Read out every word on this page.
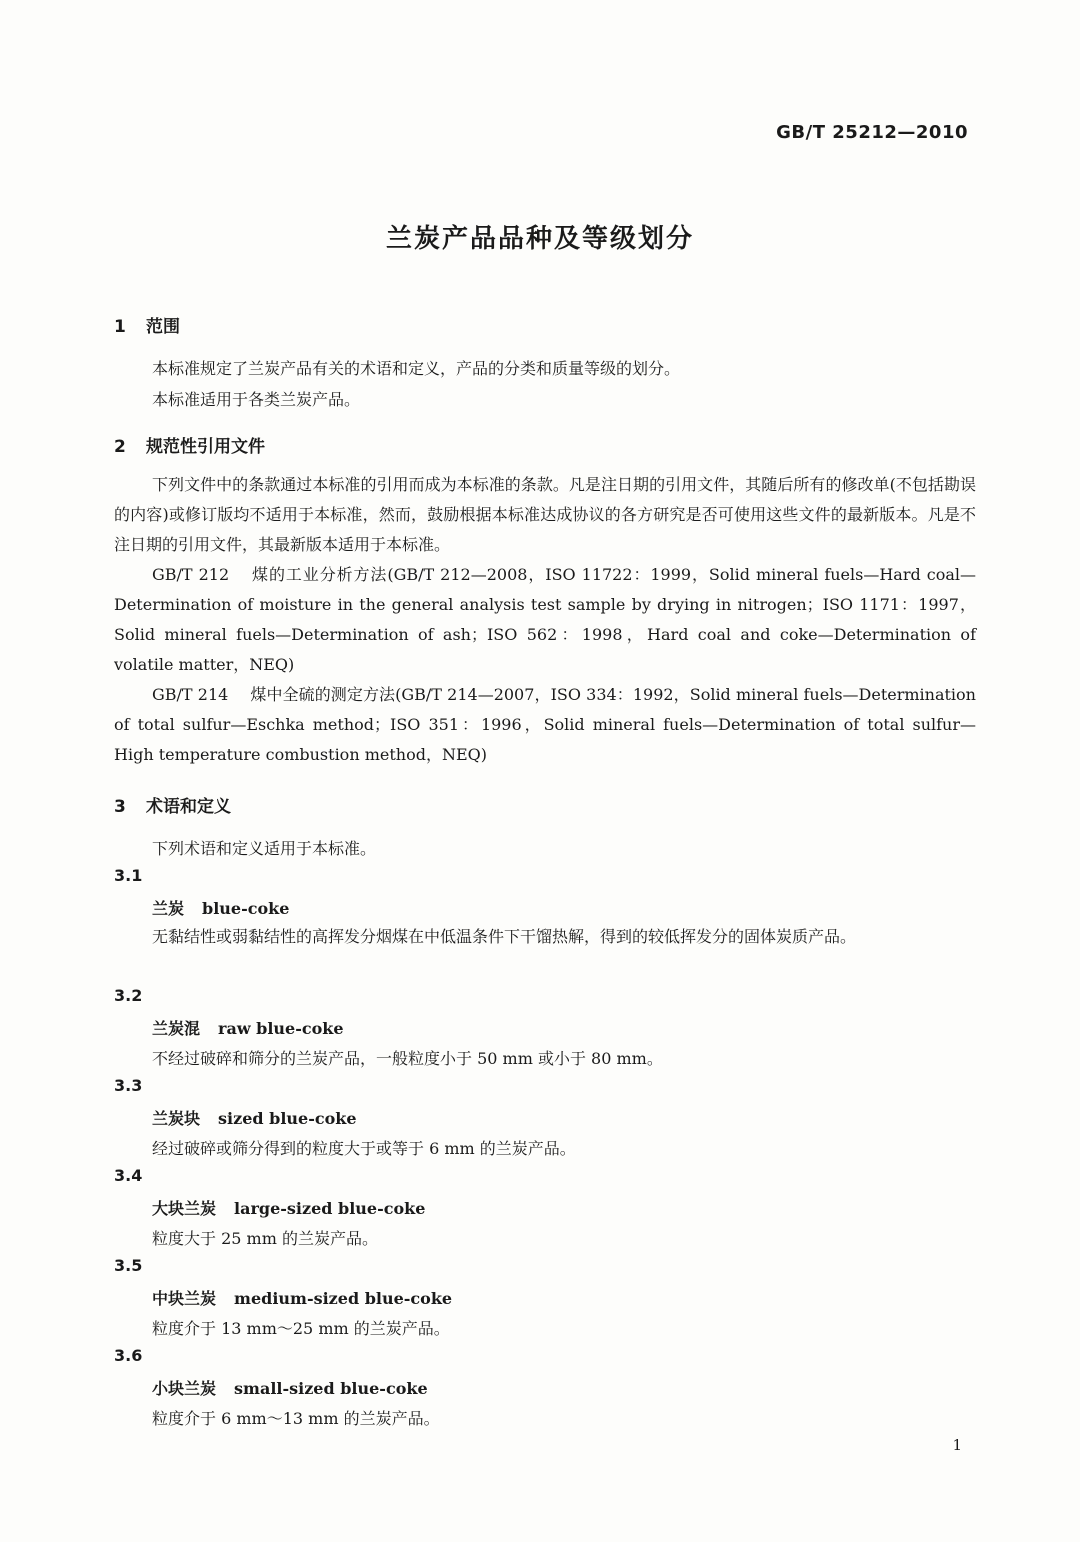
GB/T 25212—2010
兰炭产品品种及等级划分
1 范围
本标准规定了兰炭产品有关的术语和定义，产品的分类和质量等级的划分。
本标准适用于各类兰炭产品。
2 规范性引用文件
下列文件中的条款通过本标准的引用而成为本标准的条款。凡是注日期的引用文件，其随后所有的修改单(不包括勘误的内容)或修订版均不适用于本标准，然而，鼓励根据本标准达成协议的各方研究是否可使用这些文件的最新版本。凡是不注日期的引用文件，其最新版本适用于本标准。
GB/T 212 煤的工业分析方法(GB/T 212—2008，ISO 11722：1999，Solid mineral fuels—Hard coal—Determination of moisture in the general analysis test sample by drying in nitrogen；ISO 1171：1997，Solid mineral fuels—Determination of ash；ISO 562：1998，Hard coal and coke—Determination of volatile matter，NEQ)
GB/T 214 煤中全硫的测定方法(GB/T 214—2007，ISO 334：1992，Solid mineral fuels—Determination of total sulfur—Eschka method；ISO 351：1996，Solid mineral fuels—Determination of total sulfur—High temperature combustion method，NEQ)
3 术语和定义
下列术语和定义适用于本标准。
3.1
兰炭 blue-coke
无黏结性或弱黏结性的高挥发分烟煤在中低温条件下干馏热解，得到的较低挥发分的固体炭质产品。
3.2
兰炭混 raw blue-coke
不经过破碎和筛分的兰炭产品，一般粒度小于 50 mm 或小于 80 mm。
3.3
兰炭块 sized blue-coke
经过破碎或筛分得到的粒度大于或等于 6 mm 的兰炭产品。
3.4
大块兰炭 large-sized blue-coke
粒度大于 25 mm 的兰炭产品。
3.5
中块兰炭 medium-sized blue-coke
粒度介于 13 mm～25 mm 的兰炭产品。
3.6
小块兰炭 small-sized blue-coke
粒度介于 6 mm～13 mm 的兰炭产品。
1
